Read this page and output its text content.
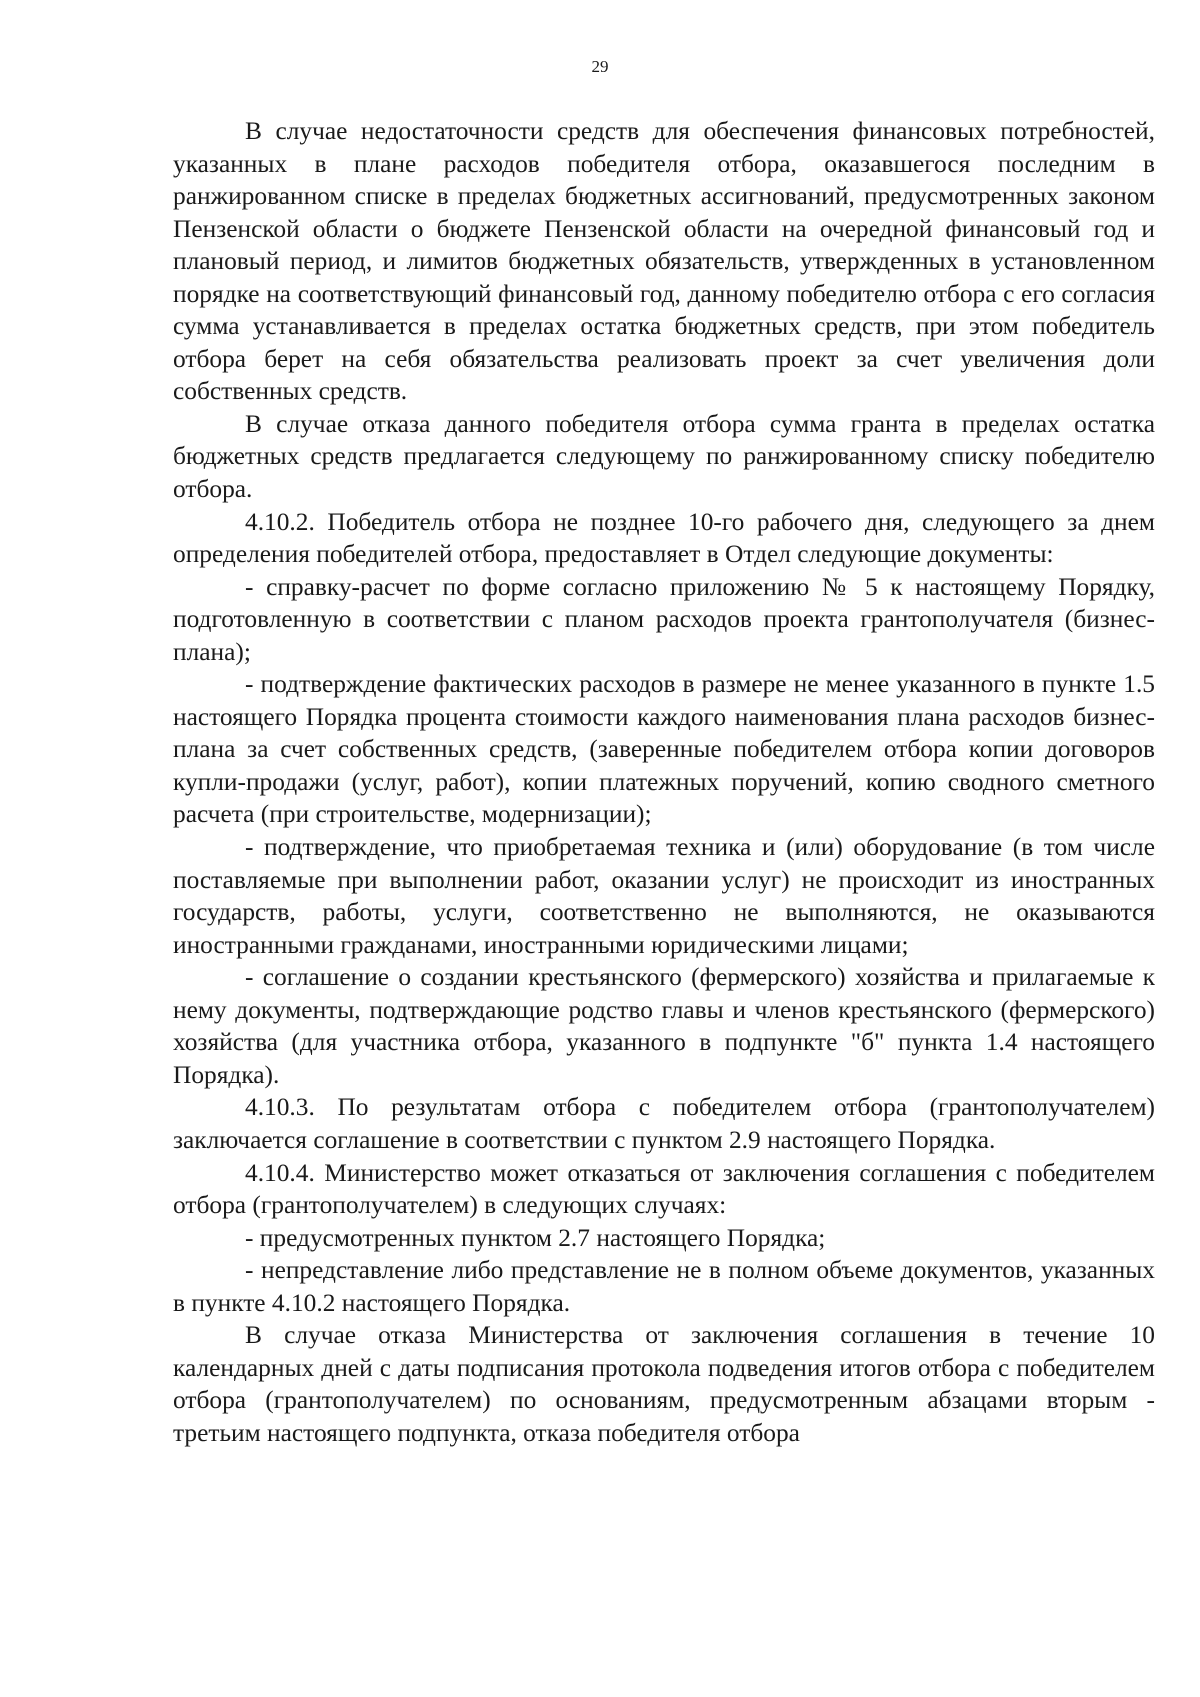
29

В случае недостаточности средств для обеспечения финансовых потребностей, указанных в плане расходов победителя отбора, оказавшегося последним в ранжированном списке в пределах бюджетных ассигнований, предусмотренных законом Пензенской области о бюджете Пензенской области на очередной финансовый год и плановый период, и лимитов бюджетных обязательств, утвержденных в установленном порядке на соответствующий финансовый год, данному победителю отбора с его согласия сумма устанавливается в пределах остатка бюджетных средств, при этом победитель отбора берет на себя обязательства реализовать проект за счет увеличения доли собственных средств.

В случае отказа данного победителя отбора сумма гранта в пределах остатка бюджетных средств предлагается следующему по ранжированному списку победителю отбора.

4.10.2. Победитель отбора не позднее 10-го рабочего дня, следующего за днем определения победителей отбора, предоставляет в Отдел следующие документы:

- справку-расчет по форме согласно приложению № 5 к настоящему Порядку, подготовленную в соответствии с планом расходов проекта грантополучателя (бизнес-плана);

- подтверждение фактических расходов в размере не менее указанного в пункте 1.5 настоящего Порядка процента стоимости каждого наименования плана расходов бизнес-плана за счет собственных средств, (заверенные победителем отбора копии договоров купли-продажи (услуг, работ), копии платежных поручений, копию сводного сметного расчета (при строительстве, модернизации);

- подтверждение, что приобретаемая техника и (или) оборудование (в том числе поставляемые при выполнении работ, оказании услуг) не происходит из иностранных государств, работы, услуги, соответственно не выполняются, не оказываются иностранными гражданами, иностранными юридическими лицами;

- соглашение о создании крестьянского (фермерского) хозяйства и прилагаемые к нему документы, подтверждающие родство главы и членов крестьянского (фермерского) хозяйства (для участника отбора, указанного в подпункте "б" пункта 1.4 настоящего Порядка).

4.10.3. По результатам отбора с победителем отбора (грантополучателем) заключается соглашение в соответствии с пунктом 2.9 настоящего Порядка.

4.10.4. Министерство может отказаться от заключения соглашения с победителем отбора (грантополучателем) в следующих случаях:

- предусмотренных пунктом 2.7 настоящего Порядка;

- непредставление либо представление не в полном объеме документов, указанных в пункте 4.10.2 настоящего Порядка.

В случае отказа Министерства от заключения соглашения в течение 10 календарных дней с даты подписания протокола подведения итогов отбора с победителем отбора (грантополучателем) по основаниям, предусмотренным абзацами вторым - третьим настоящего подпункта, отказа победителя отбора
